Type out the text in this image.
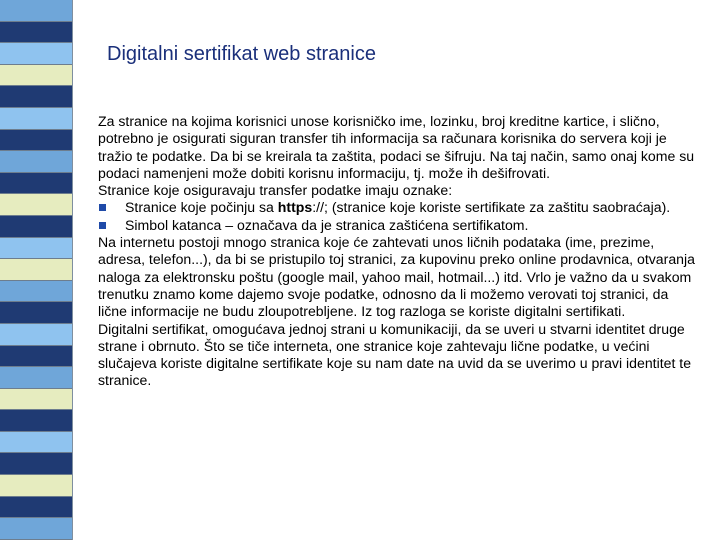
Digitalni sertifikat web stranice

Za stranice na kojima korisnici unose korisničko ime, lozinku, broj kreditne kartice, i slično, potrebno je osigurati siguran transfer tih informacija sa računara korisnika do servera koji je tražio te podatke. Da bi se kreirala ta zaštita, podaci se šifruju. Na taj način, samo onaj kome su podaci namenjeni može dobiti korisnu informaciju, tj. može ih dešifrovati.

Stranice koje osiguravaju transfer podatke imaju oznake:

Stranice koje počinju sa https://; (stranice koje koriste sertifikate za zaštitu saobraćaja).

Simbol katanca – označava da je stranica zaštićena sertifikatom.

Na internetu postoji mnogo stranica koje će zahtevati unos ličnih podataka (ime, prezime, adresa, telefon...), da bi se pristupilo toj stranici, za kupovinu preko online prodavnica, otvaranja naloga za elektronsku poštu (google mail, yahoo mail, hotmail...) itd. Vrlo je važno da u svakom trenutku znamo kome dajemo svoje podatke, odnosno da li možemo verovati toj stranici, da lične informacije ne budu zloupotrebljene. Iz tog razloga se koriste digitalni sertifikati.

Digitalni sertifikat, omogućava jednoj strani u komunikaciji, da se uveri u stvarni identitet druge strane i obrnuto. Što se tiče interneta, one stranice koje zahtevaju lične podatke, u većini slučajeva koriste digitalne sertifikate koje su nam date na uvid da se uverimo u pravi identitet te stranice.
